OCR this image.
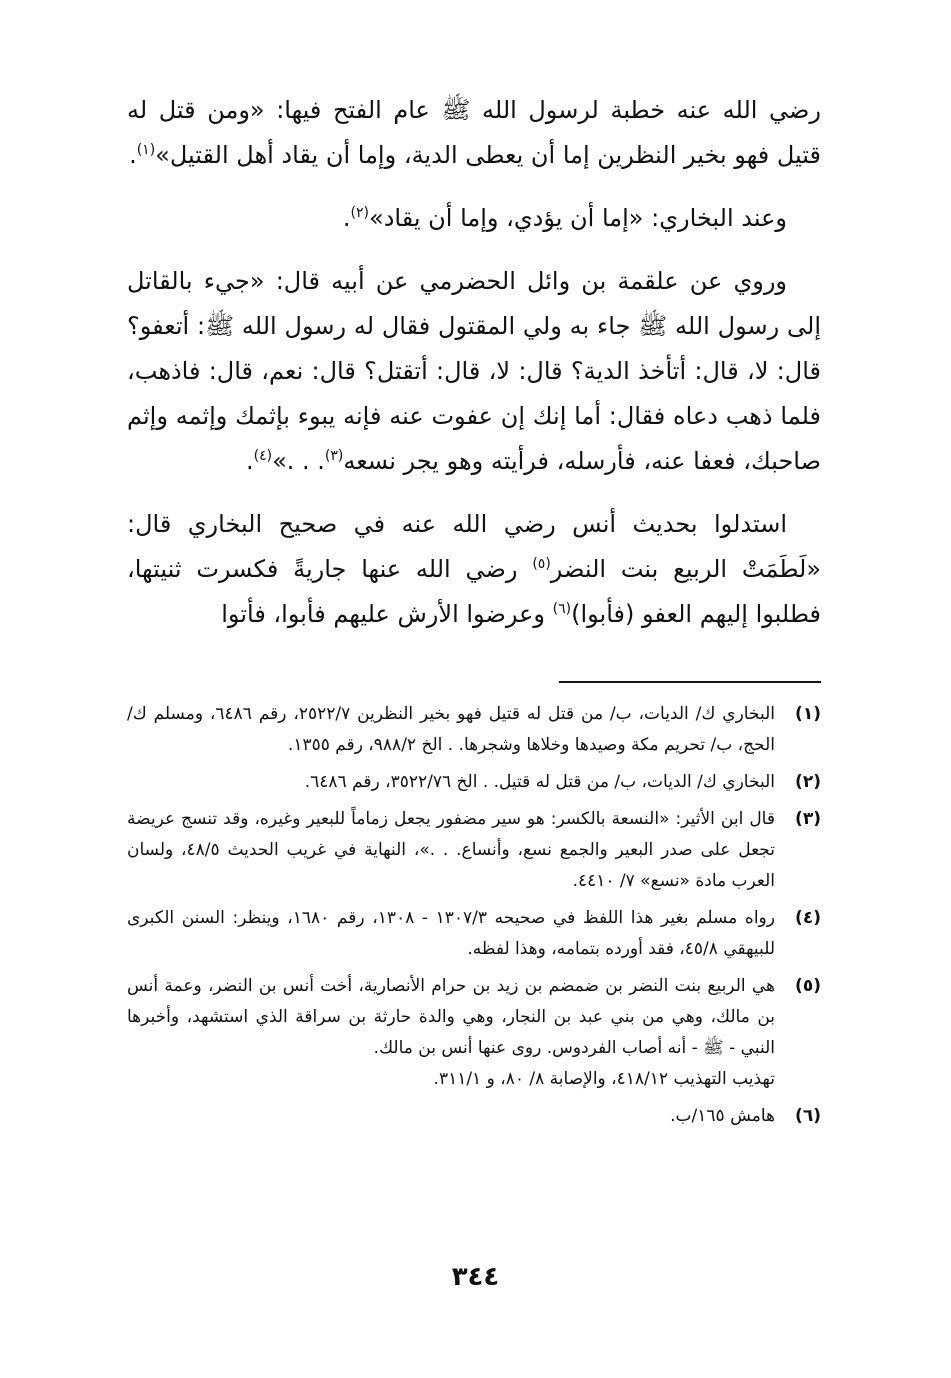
رضي الله عنه خطبة لرسول الله ﷺ عام الفتح فيها: «ومن قتل له قتيل فهو بخير النظرين إما أن يعطى الدية، وإما أن يقاد أهل القتيل»$^{(١)}$.

وعند البخاري: «إما أن يؤدي، وإما أن يقاد»$^{(٢)}$.

وروي عن علقمة بن وائل الحضرمي عن أبيه قال: «جيء بالقاتل إلى رسول الله ﷺ جاء به ولي المقتول فقال له رسول الله ﷺ: أتعفو؟ قال: لا، قال: أتأخذ الدية؟ قال: لا، قال: أتقتل؟ قال: نعم، قال: فاذهب، فلما ذهب دعاه فقال: أما إنك إن عفوت عنه فإنه يبوء بإثمك وإثمه وإثم صاحبك، فعفا عنه، فأرسله، فرأيته وهو يجر نسعه$^{(٣)}$. . .»$^{(٤)}$.

استدلوا بحديث أنس رضي الله عنه في صحيح البخاري قال: «لَطَمَتْ الربيع بنت النضر$^{(٥)}$ رضي الله عنها جاريةً فكسرت ثنيتها، فطلبوا إليهم العفو (فأبوا)$^{(٦)}$ وعرضوا الأرش عليهم فأبوا، فأتوا

(١)
البخاري ك/ الديات، ب/ من قتل له قتيل فهو بخير النظرين ٢٥٢٢/٧، رقم ٦٤٨٦، ومسلم ك/ الحج، ب/ تحريم مكة وصيدها وخلاها وشجرها. . الخ ٩٨٨/٢، رقم ١٣٥٥.
(٢)
البخاري ك/ الديات، ب/ من قتل له قتيل. . الخ ٣٥٢٢/٧٦، رقم ٦٤٨٦.
(٣)
قال ابن الأثير: «النسعة بالكسر: هو سير مضفور يجعل زماماً للبعير وغيره، وقد تنسج عريضة تجعل على صدر البعير والجمع نسع، وأنساع. . .»، النهاية في غريب الحديث ٤٨/٥، ولسان العرب مادة «نسع» ٧/ ٤٤١٠.
(٤)
رواه مسلم بغير هذا اللفظ في صحيحه ١٣٠٧/٣ - ١٣٠٨، رقم ١٦٨٠، وينظر: السنن الكبرى للبيهقي ٤٥/٨، فقد أورده بتمامه، وهذا لفظه.
(٥)
هي الربيع بنت النضر بن ضمضم بن زيد بن حرام الأنصارية، أخت أنس بن النضر، وعمة أنس بن مالك، وهي من بني عبد بن النجار، وهي والدة حارثة بن سراقة الذي استشهد، وأخبرها النبي - ﷺ - أنه أصاب الفردوس. روى عنها أنس بن مالك.
تهذيب التهذيب ٤١٨/١٢، والإصابة ٨/ ٨٠، و ٣١١/١.
(٦)
هامش ١٦٥/ب.
٣٤٤
